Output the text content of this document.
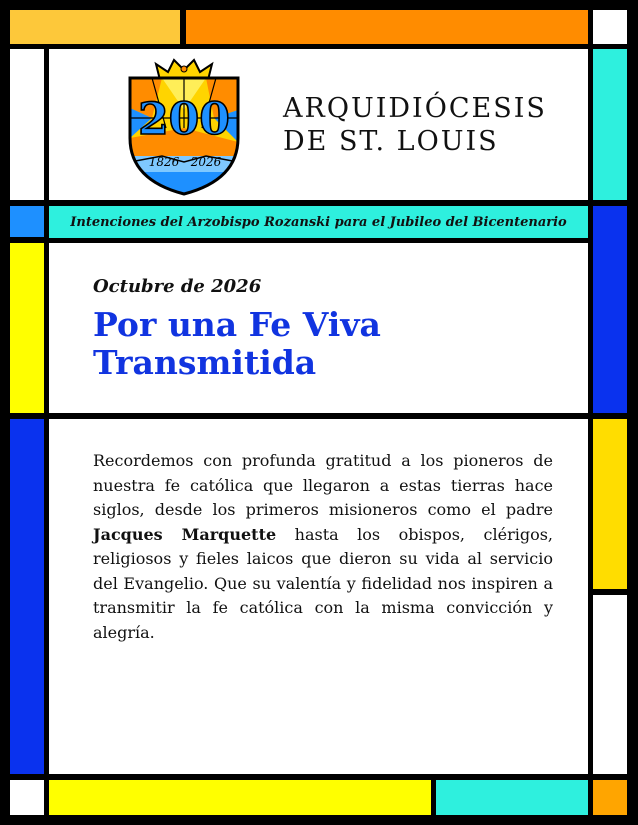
200
1826 2026
ARQUIDIÓCESIS
DE ST. LOUIS
Intenciones del Arzobispo Rozanski para el Jubileo del Bicentenario
Octubre de 2026
Por una Fe Viva
Transmitida
Recordemos con profunda gratitud a los pioneros de nuestra fe católica que llegaron a estas tierras hace siglos, desde los primeros misioneros como el padre Jacques Marquette hasta los obispos, clérigos, religiosos y fieles laicos que dieron su vida al servicio del Evangelio. Que su valentía y fidelidad nos inspiren a transmitir la fe católica con la misma convicción y alegría.
